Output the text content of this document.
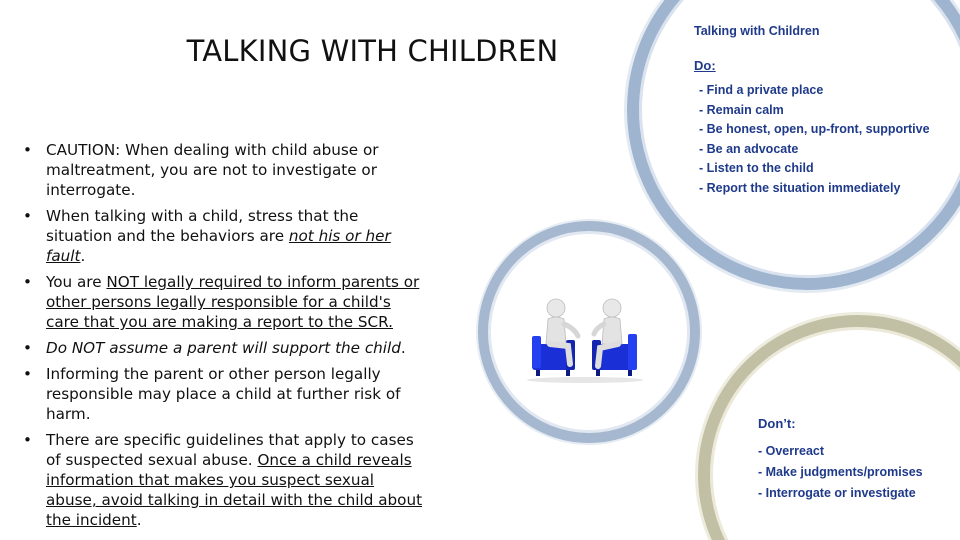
TALKING WITH CHILDREN
• CAUTION: When dealing with child abuse or maltreatment, you are not to investigate or interrogate.
• When talking with a child, stress that the situation and the behaviors are not his or her fault.
• You are NOT legally required to inform parents or other persons legally responsible for a child's care that you are making a report to the SCR.
• Do NOT assume a parent will support the child.
• Informing the parent or other person legally responsible may place a child at further risk of harm.
• There are specific guidelines that apply to cases of suspected sexual abuse. Once a child reveals information that makes you suspect sexual abuse, avoid talking in detail with the child about the incident.
Talking with Children
Do:
- Find a private place
- Remain calm
- Be honest, open, up-front, supportive
- Be an advocate
- Listen to the child
- Report the situation immediately
Don’t:
- Overreact
- Make judgments/promises
- Interrogate or investigate
